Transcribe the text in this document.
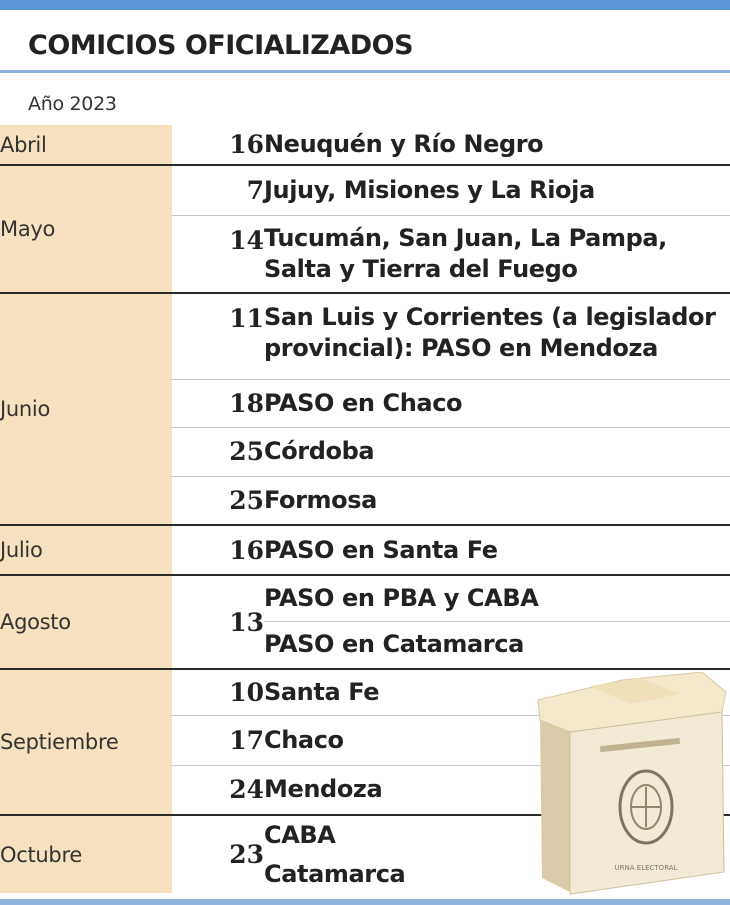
COMICIOS OFICIALIZADOS
Año 2023
Abril	16	Neuquén y Río Negro
Mayo	7	Jujuy, Misiones y La Rioja
	14	Tucumán, San Juan, La Pampa, Salta y Tierra del Fuego
Junio	11	San Luis y Corrientes (a legislador provincial): PASO en Mendoza
	18	PASO en Chaco
	25	Córdoba
	25	Formosa
Julio	16	PASO en Santa Fe
Agosto	13	PASO en PBA y CABA
		PASO en Catamarca
Septiembre	10	Santa Fe
	17	Chaco
	24	Mendoza
Octubre	23	CABA
		Catamarca	URNA ELECTORAL
